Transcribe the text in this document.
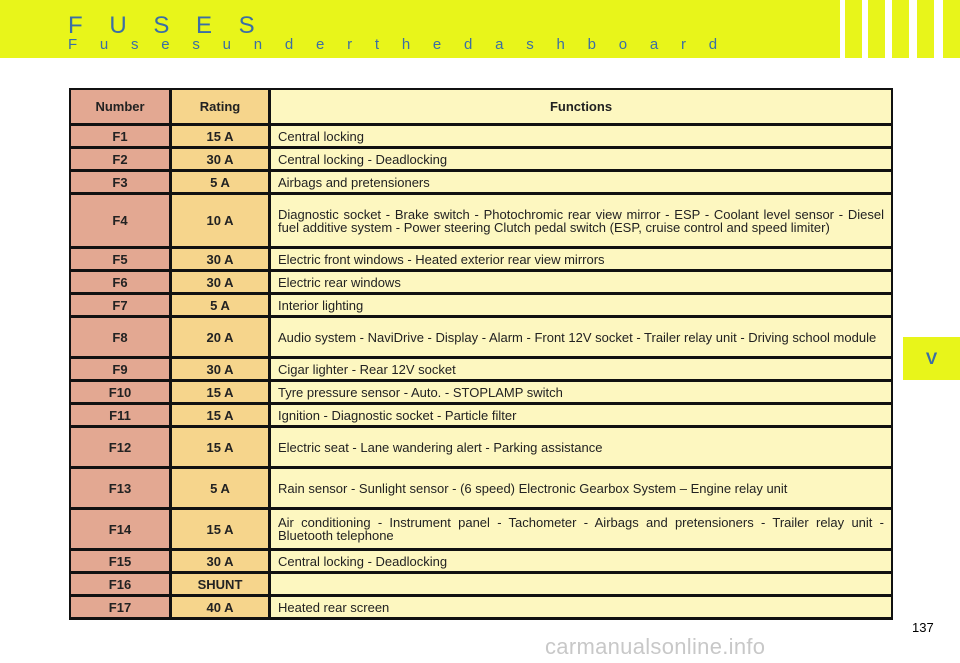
F U S E S
F u s e s u n d e r t h e d a s h b o a r d
Number	Rating	Functions
F1	15 A	Central locking
F2	30 A	Central locking - Deadlocking
F3	5 A	Airbags and pretensioners
F4	10 A	Diagnostic socket - Brake switch - Photochromic rear view mirror - ESP - Coolant level sensor - Diesel fuel additive system - Power steering Clutch pedal switch (ESP, cruise control and speed limiter)
F5	30 A	Electric front windows - Heated exterior rear view mirrors
F6	30 A	Electric rear windows
F7	5 A	Interior lighting
F8	20 A	Audio system - NaviDrive - Display - Alarm - Front 12V socket - Trailer relay unit - Driving school module
F9	30 A	Cigar lighter - Rear 12V socket
F10	15 A	Tyre pressure sensor - Auto. - STOPLAMP switch
F11	15 A	Ignition - Diagnostic socket - Particle filter
F12	15 A	Electric seat - Lane wandering alert - Parking assistance
F13	5 A	Rain sensor - Sunlight sensor - (6 speed) Electronic Gearbox System – Engine relay unit
F14	15 A	Air conditioning - Instrument panel - Tachometer - Airbags and pretensioners - Trailer relay unit - Bluetooth telephone
F15	30 A	Central locking - Deadlocking
F16	SHUNT	
F17	40 A	Heated rear screen
V
137
carmanualsonline.info
